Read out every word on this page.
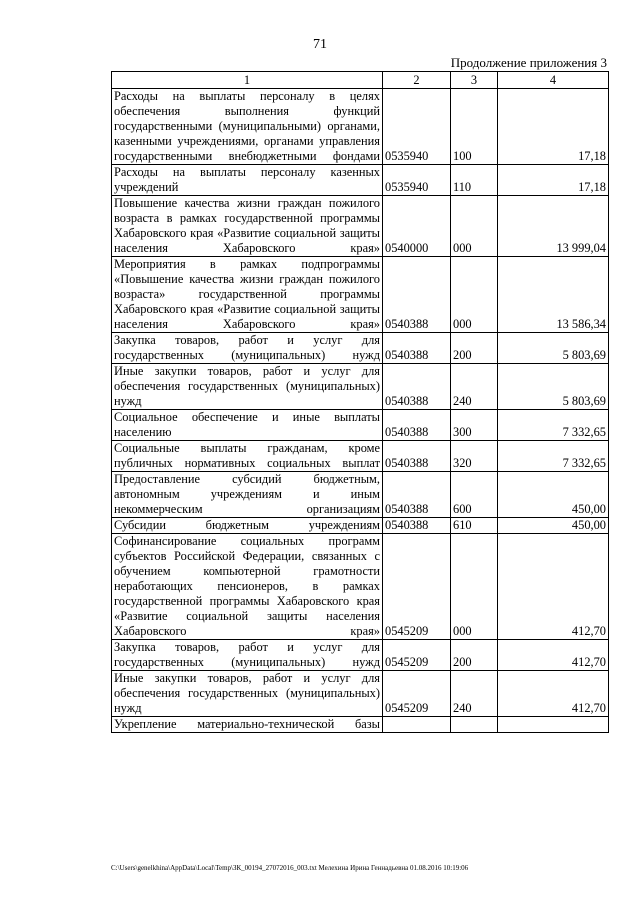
71
Продолжение приложения 3
1	2	3	4
Расходы на выплаты персоналу в целях обеспечения выполнения функций государственными (муниципальными) органами, казенными учреждениями, органами управления государственными внебюджетными фондами	0535940	100	17,18
Расходы на выплаты персоналу казенных учреждений	0535940	110	17,18
Повышение качества жизни граждан пожилого возраста в рамках государственной программы Хабаровского края «Развитие социальной защиты населения Хабаровского края»	0540000	000	13 999,04
Мероприятия в рамках подпрограммы «Повышение качества жизни граждан пожилого возраста» государственной программы Хабаровского края «Развитие социальной защиты населения Хабаровского края»	0540388	000	13 586,34
Закупка товаров, работ и услуг для государственных (муниципальных) нужд	0540388	200	5 803,69
Иные закупки товаров, работ и услуг для обеспечения государственных (муниципальных) нужд	0540388	240	5 803,69
Социальное обеспечение и иные выплаты населению	0540388	300	7 332,65
Социальные выплаты гражданам, кроме публичных нормативных социальных выплат	0540388	320	7 332,65
Предоставление субсидий бюджетным, автономным учреждениям и иным некоммерческим организациям	0540388	600	450,00
Субсидии бюджетным учреждениям	0540388	610	450,00
Софинансирование социальных программ субъектов Российской Федерации, связанных с обучением компьютерной грамотности неработающих пенсионеров, в рамках государственной программы Хабаровского края «Развитие социальной защиты населения Хабаровского края»	0545209	000	412,70
Закупка товаров, работ и услуг для государственных (муниципальных) нужд	0545209	200	412,70
Иные закупки товаров, работ и услуг для обеспечения государственных (муниципальных) нужд	0545209	240	412,70
Укрепление материально-технической базы			
C:\Users\genelkhina\AppData\Local\Temp\ЗК_00194_27072016_003.txt Мелехина Ирина Геннадьевна 01.08.2016 10:19:06
